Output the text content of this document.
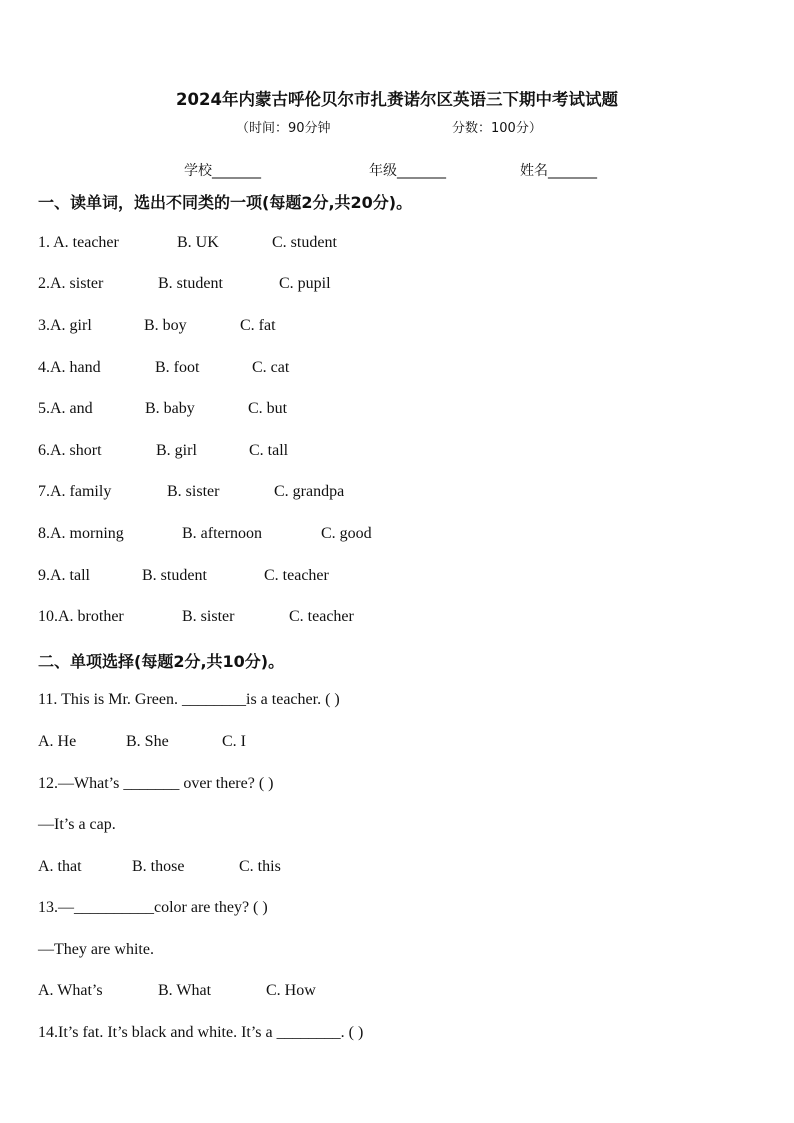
2024年内蒙古呼伦贝尔市扎赉诺尔区英语三下期中考试试题
（时间：90分钟	分数：100分）
学校_______	年级_______	姓名_______
一、读单词，选出不同类的一项(每题2分,共20分)。
1. A. teacher	B. UK	C. student
2.A. sister	B. student	C. pupil
3.A. girl	B. boy	C. fat
4.A. hand	B. foot	C. cat
5.A. and	B. baby	C. but
6.A. short	B. girl	C. tall
7.A. family	B. sister	C. grandpa
8.A. morning	B. afternoon	C. good
9.A. tall	B. student	C. teacher
10.A. brother	B. sister	C. teacher
二、单项选择(每题2分,共10分)。
11. This is Mr. Green. ________is a teacher. ( )
A. He	B. She	C. I
12.—What’s _______ over there? ( )
—It’s a cap.
A. that	B. those	C. this
13.—__________color are they? ( )
—They are white.
A. What’s	B. What	C. How
14.It’s fat. It’s black and white. It’s a ________. ( )
